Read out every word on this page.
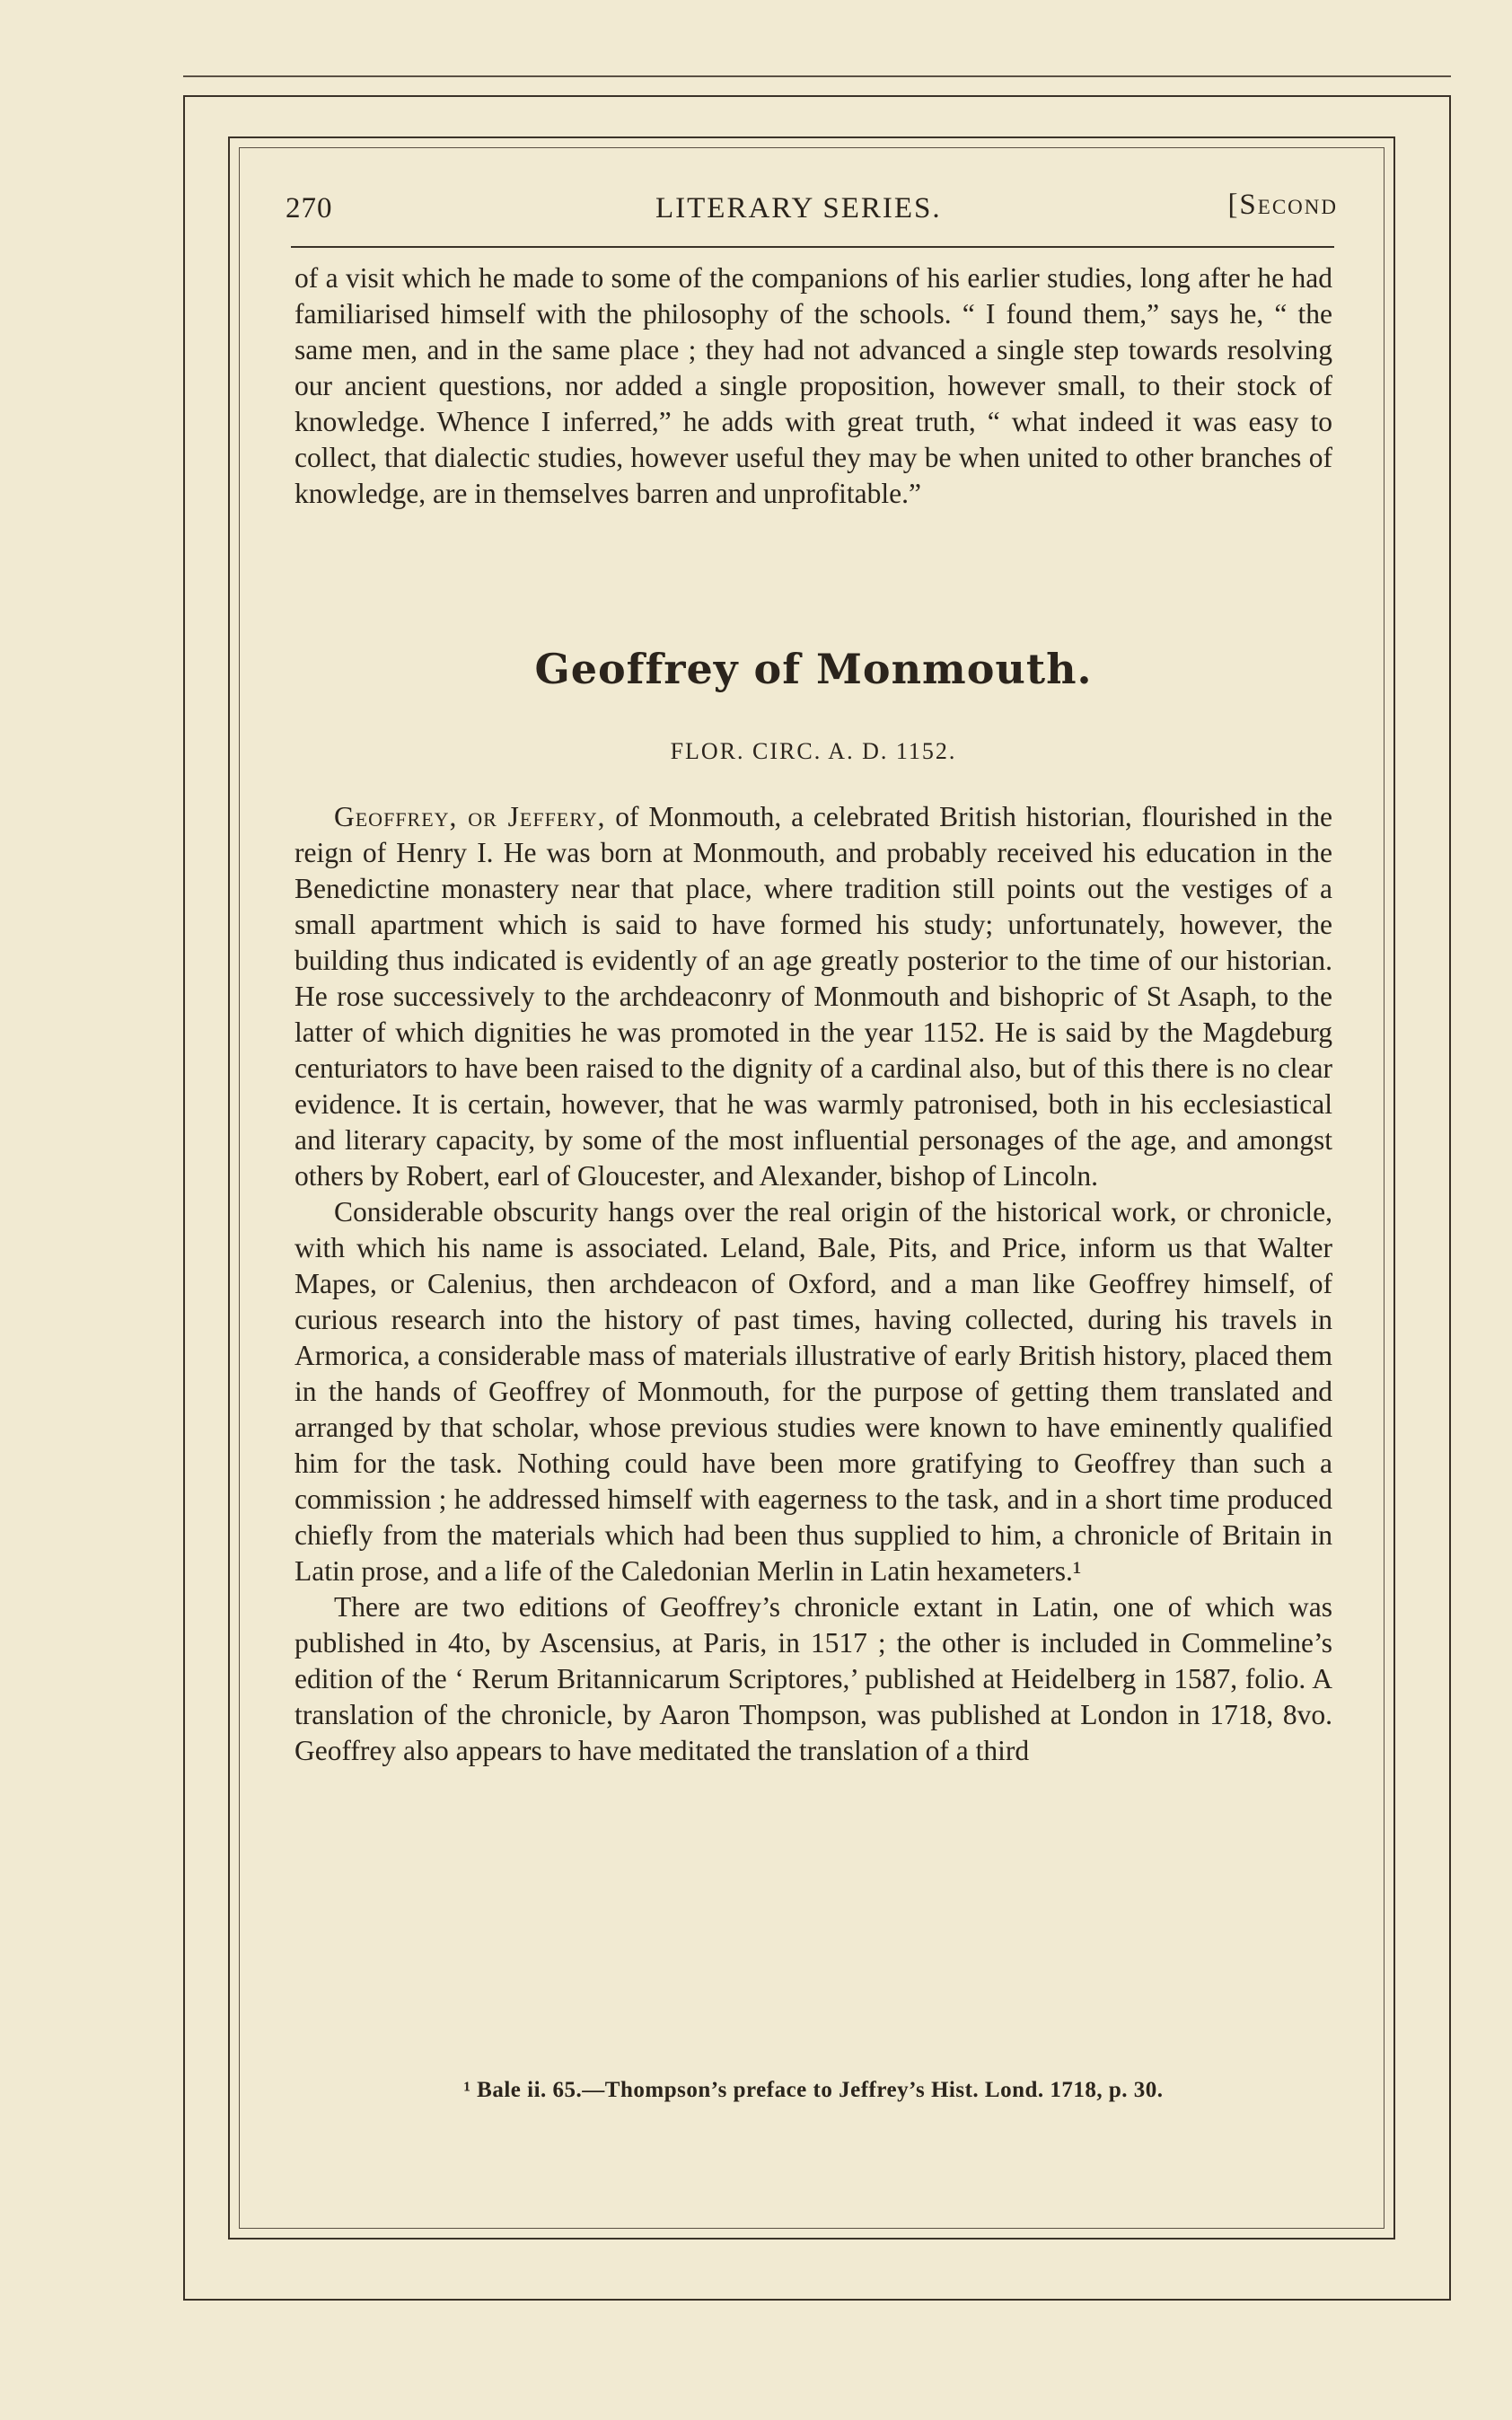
270	LITERARY SERIES.	[Second

of a visit which he made to some of the companions of his earlier studies, long after he had familiarised himself with the philosophy of the schools. “ I found them,” says he, “ the same men, and in the same place ; they had not advanced a single step towards resolving our ancient questions, nor added a single proposition, however small, to their stock of knowledge. Whence I inferred,” he adds with great truth, “ what indeed it was easy to collect, that dialectic studies, however useful they may be when united to other branches of knowledge, are in themselves barren and unprofitable.”

Geoffrey of Monmouth.
FLOR. CIRC. A. D. 1152.

Geoffrey, or Jeffery, of Monmouth, a celebrated British historian, flourished in the reign of Henry I. He was born at Monmouth, and probably received his education in the Benedictine monastery near that place, where tradition still points out the vestiges of a small apartment which is said to have formed his study; unfortunately, however, the building thus indicated is evidently of an age greatly posterior to the time of our historian. He rose successively to the archdeaconry of Monmouth and bishopric of St Asaph, to the latter of which dignities he was promoted in the year 1152. He is said by the Magdeburg centuriators to have been raised to the dignity of a cardinal also, but of this there is no clear evidence. It is certain, however, that he was warmly patronised, both in his ecclesiastical and literary capacity, by some of the most influential personages of the age, and amongst others by Robert, earl of Gloucester, and Alexander, bishop of Lincoln.

Considerable obscurity hangs over the real origin of the historical work, or chronicle, with which his name is associated. Leland, Bale, Pits, and Price, inform us that Walter Mapes, or Calenius, then archdeacon of Oxford, and a man like Geoffrey himself, of curious research into the history of past times, having collected, during his travels in Armorica, a considerable mass of materials illustrative of early British history, placed them in the hands of Geoffrey of Monmouth, for the purpose of getting them translated and arranged by that scholar, whose previous studies were known to have eminently qualified him for the task. Nothing could have been more gratifying to Geoffrey than such a commission ; he addressed himself with eagerness to the task, and in a short time produced chiefly from the materials which had been thus supplied to him, a chronicle of Britain in Latin prose, and a life of the Caledonian Merlin in Latin hexameters.¹

There are two editions of Geoffrey’s chronicle extant in Latin, one of which was published in 4to, by Ascensius, at Paris, in 1517 ; the other is included in Commeline’s edition of the ‘ Rerum Britannicarum Scriptores,’ published at Heidelberg in 1587, folio. A translation of the chronicle, by Aaron Thompson, was published at London in 1718, 8vo. Geoffrey also appears to have meditated the translation of a third

¹ Bale ii. 65.—Thompson’s preface to Jeffrey’s Hist. Lond. 1718, p. 30.
